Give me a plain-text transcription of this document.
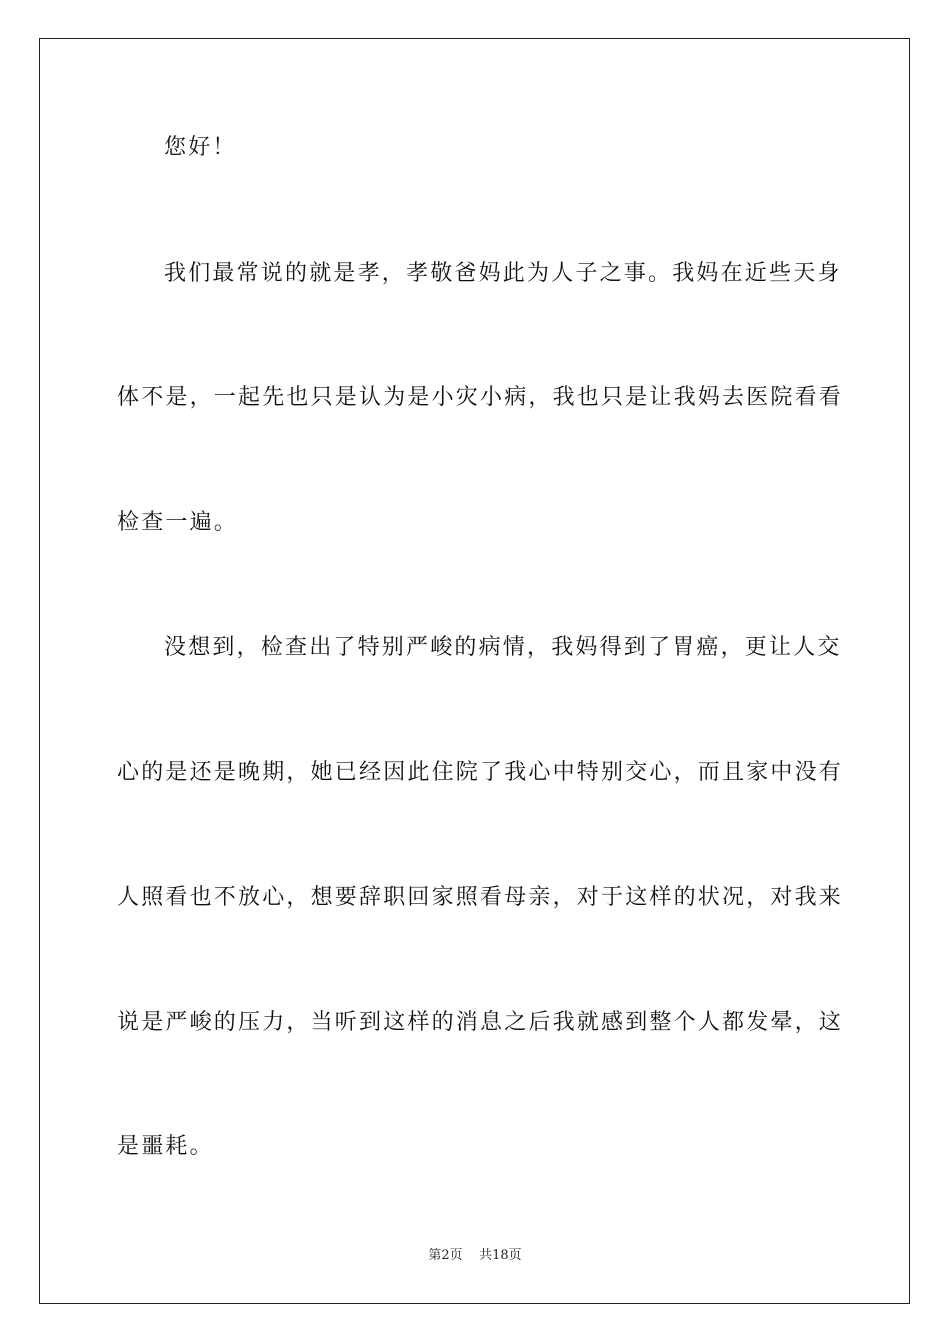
您好！
我们最常说的就是孝，孝敬爸妈此为人子之事。我妈在近些天身
体不是，一起先也只是认为是小灾小病，我也只是让我妈去医院看看
检查一遍。
没想到，检查出了特别严峻的病情，我妈得到了胃癌，更让人交
心的是还是晚期，她已经因此住院了我心中特别交心，而且家中没有
人照看也不放心，想要辞职回家照看母亲，对于这样的状况，对我来
说是严峻的压力，当听到这样的消息之后我就感到整个人都发晕，这
是噩耗。
第2页 共18页
